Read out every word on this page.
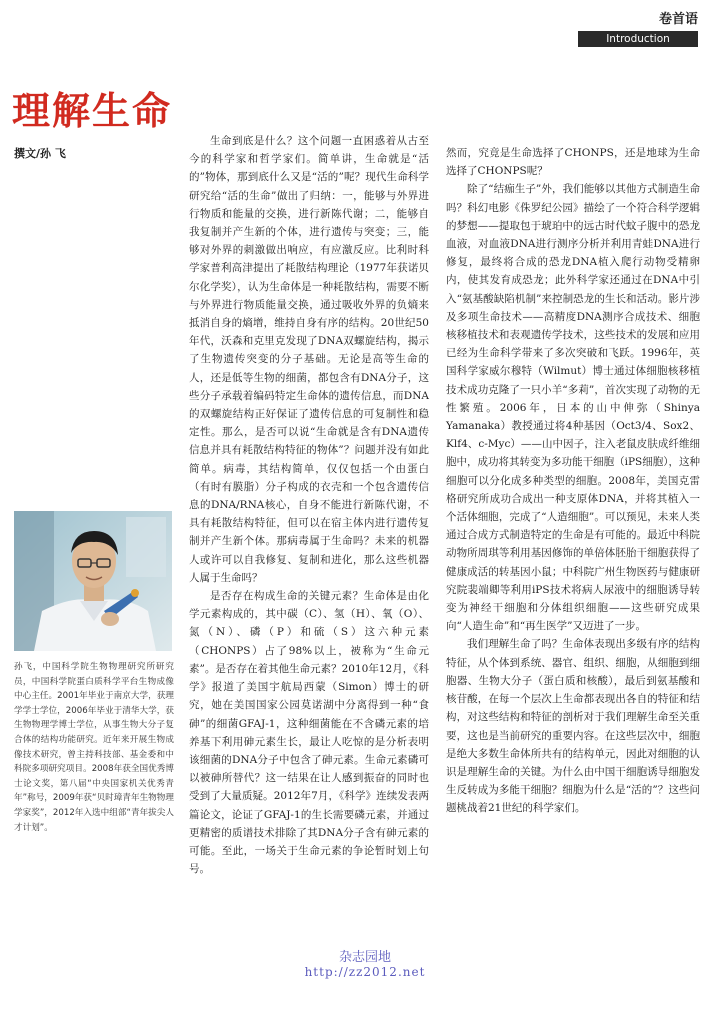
卷首语
Introduction
理解生命
撰文/孙 飞

生命到底是什么？这个问题一直困惑着从古至今的科学家和哲学家们。简单讲，生命就是“活的”物体，那到底什么又是“活的”呢？现代生命科学研究给“活的生命”做出了归纳：一，能够与外界进行物质和能量的交换，进行新陈代谢；二，能够自我复制并产生新的个体，进行遗传与突变；三，能够对外界的刺激做出响应，有应激反应。比利时科学家普利高津提出了耗散结构理论（1977年获诺贝尔化学奖），认为生命体是一种耗散结构，需要不断与外界进行物质能量交换，通过吸收外界的负熵来抵消自身的熵增，维持自身有序的结构。20世纪50年代，沃森和克里克发现了DNA双螺旋结构，揭示了生物遗传突变的分子基础。无论是高等生命的人，还是低等生物的细菌，都包含有DNA分子，这些分子承载着编码特定生命体的遗传信息，而DNA的双螺旋结构正好保证了遗传信息的可复制性和稳定性。那么，是否可以说“生命就是含有DNA遗传信息并具有耗散结构特征的物体”？问题并没有如此简单。病毒，其结构简单，仅仅包括一个由蛋白（有时有膜脂）分子构成的衣壳和一个包含遗传信息的DNA/RNA核心，自身不能进行新陈代谢，不具有耗散结构特征，但可以在宿主体内进行遗传复制并产生新个体。那病毒属于生命吗？未来的机器人或许可以自我修复、复制和进化，那么这些机器人属于生命吗？

是否存在构成生命的关键元素？生命体是由化学元素构成的，其中碳（C）、氢（H）、氧（O）、氮（N）、磷（P）和硫（S）这六种元素（CHONPS）占了98%以上，被称为“生命元素”。是否存在着其他生命元素？2010年12月，《科学》报道了美国宇航局西蒙（Simon）博士的研究，她在美国国家公园莫诺湖中分离得到一种“食砷”的细菌GFAJ-1，这种细菌能在不含磷元素的培养基下利用砷元素生长，最让人吃惊的是分析表明该细菌的DNA分子中包含了砷元素。生命元素磷可以被砷所替代？这一结果在让人感到振奋的同时也受到了大量质疑。2012年7月，《科学》连续发表两篇论文，论证了GFAJ-1的生长需要磷元素，并通过更精密的质谱技术排除了其DNA分子含有砷元素的可能。至此，一场关于生命元素的争论暂时划上句号。

然而，究竟是生命选择了CHONPS，还是地球为生命选择了CHONPS呢？

除了“结痂生子”外，我们能够以其他方式制造生命吗？科幻电影《侏罗纪公园》描绘了一个符合科学逻辑的梦想——提取包于琥珀中的远古时代蚊子腹中的恐龙血液，对血液DNA进行测序分析并利用青蛙DNA进行修复，最终将合成的恐龙DNA植入爬行动物受精卵内，使其发育成恐龙；此外科学家还通过在DNA中引入“氨基酸缺陷机制”来控制恐龙的生长和活动。影片涉及多项生命技术——高精度DNA测序合成技术、细胞核移植技术和表观遗传学技术，这些技术的发展和应用已经为生命科学带来了多次突破和飞跃。1996年，英国科学家威尔穆特（Wilmut）博士通过体细胞核移植技术成功克隆了一只小羊“多莉”，首次实现了动物的无性繁殖。2006年，日本的山中伸弥（Shinya Yamanaka）教授通过将4种基因（Oct3/4、Sox2、Klf4、c-Myc）——山中因子，注入老鼠皮肤成纤维细胞中，成功将其转变为多功能干细胞（iPS细胞），这种细胞可以分化成多种类型的细胞。2008年，美国克雷格研究所成功合成出一种支原体DNA，并将其植入一个活体细胞，完成了“人造细胞”。可以预见，未来人类通过合成方式制造特定的生命是有可能的。最近中科院动物所周琪等利用基因修饰的单倍体胚胎干细胞获得了健康成活的转基因小鼠；中科院广州生物医药与健康研究院裴端卿等利用iPS技术将病人尿液中的细胞诱导转变为神经干细胞和分体组织细胞——这些研究成果向“人造生命”和“再生医学”又迈进了一步。

我们理解生命了吗？生命体表现出多级有序的结构特征，从个体到系统、器官、组织、细胞，从细胞到细胞器、生物大分子（蛋白质和核酸），最后到氨基酸和核苷酸，在每一个层次上生命都表现出各自的特征和结构，对这些结构和特征的剖析对于我们理解生命至关重要，这也是当前研究的重要内容。在这些层次中，细胞是绝大多数生命体所共有的结构单元，因此对细胞的认识是理解生命的关键。为什么由中国干细胞诱导细胞发生反转成为多能干细胞？细胞为什么是“活的”？这些问题桃战着21世纪的科学家们。

孙飞，中国科学院生物物理研究所研究员，中国科学院蛋白质科学平台生物成像中心主任。2001年毕业于南京大学，获理学学士学位，2006年毕业于清华大学，获生物物理学博士学位，从事生物大分子复合体的结构功能研究。近年来开展生物成像技术研究，曾主持科技部、基金委和中科院多项研究项目。2008年获全国优秀博士论文奖，第八届“中央国家机关优秀青年”称号，2009年获“贝时璋青年生物物理学家奖”，2012年入选中组部“青年拔尖人才计划”。

杂志园地
http://zz2012.net
